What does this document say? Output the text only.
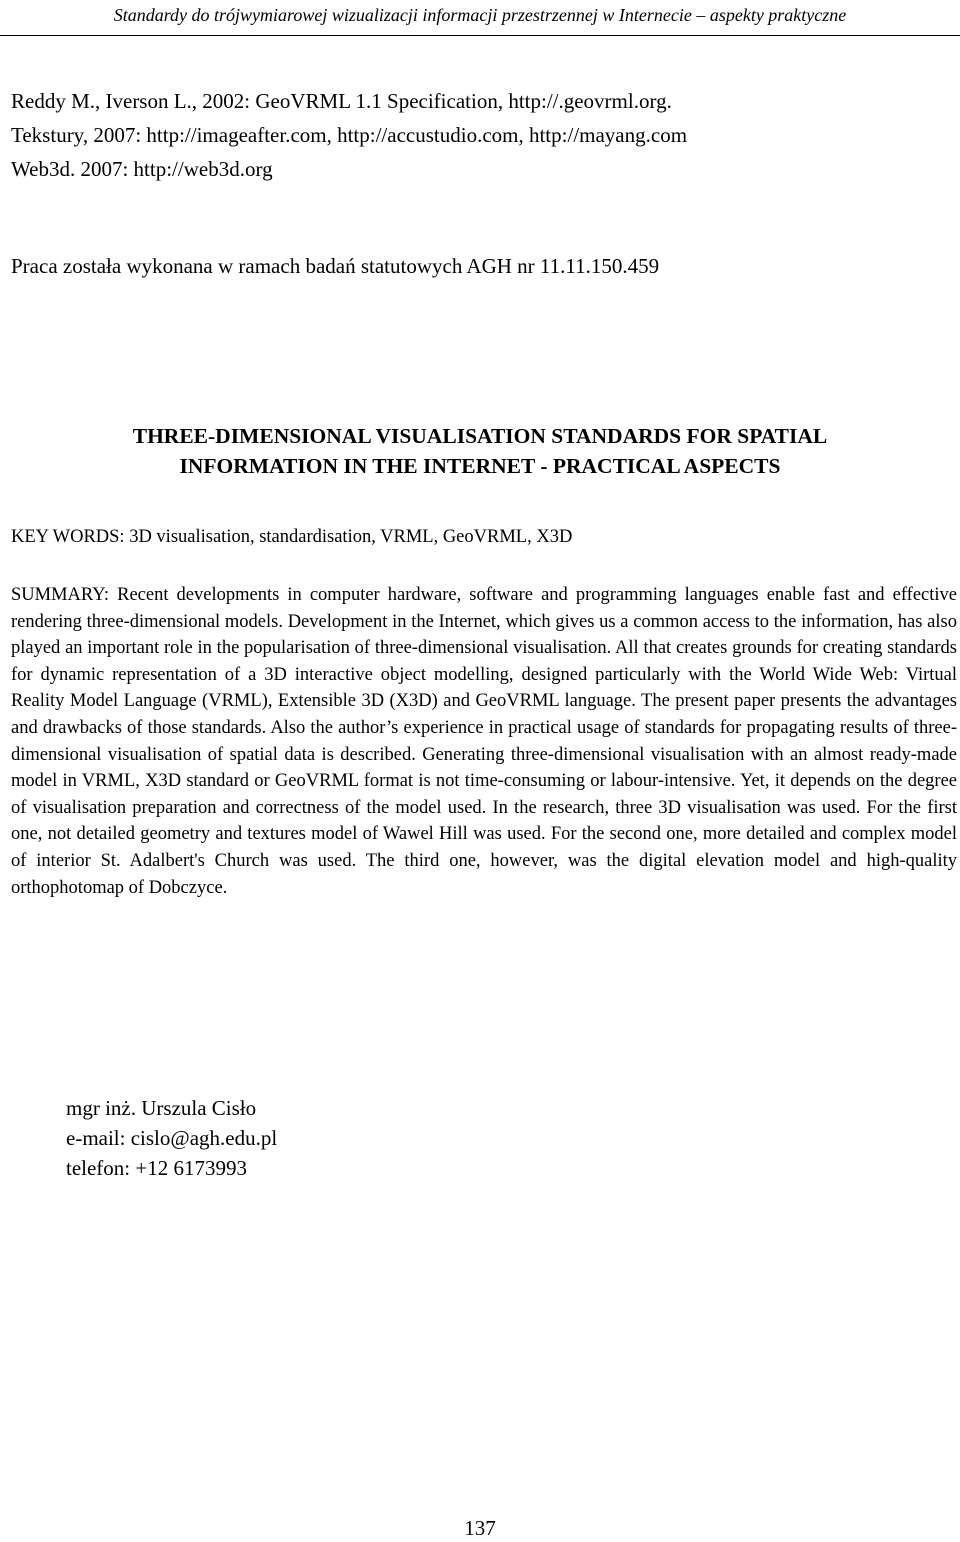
Standardy do trójwymiarowej wizualizacji informacji przestrzennej w Internecie – aspekty praktyczne
Reddy M., Iverson L., 2002: GeoVRML 1.1 Specification, http://.geovrml.org.
Tekstury, 2007: http://imageafter.com, http://accustudio.com, http://mayang.com
Web3d. 2007: http://web3d.org
Praca została wykonana w ramach badań statutowych AGH nr 11.11.150.459
THREE-DIMENSIONAL VISUALISATION STANDARDS FOR SPATIAL
INFORMATION IN THE INTERNET - PRACTICAL ASPECTS
KEY WORDS: 3D visualisation, standardisation, VRML, GeoVRML, X3D
SUMMARY: Recent developments in computer hardware, software and programming languages enable fast and effective rendering three-dimensional models. Development in the Internet, which gives us a common access to the information, has also played an important role in the popularisation of three-dimensional visualisation. All that creates grounds for creating standards for dynamic representation of a 3D interactive object modelling, designed particularly with the World Wide Web: Virtual Reality Model Language (VRML), Extensible 3D (X3D) and GeoVRML language. The present paper presents the advantages and drawbacks of those standards. Also the author’s experience in practical usage of standards for propagating results of three-dimensional visualisation of spatial data is described. Generating three-dimensional visualisation with an almost ready-made model in VRML, X3D standard or GeoVRML format is not time-consuming or labour-intensive. Yet, it depends on the degree of visualisation preparation and correctness of the model used. In the research, three 3D visualisation was used. For the first one, not detailed geometry and textures model of Wawel Hill was used. For the second one, more detailed and complex model of interior St. Adalbert's Church was used. The third one, however, was the digital elevation model and high-quality orthophotomap of Dobczyce.
mgr inż. Urszula Cisło
e-mail: cislo@agh.edu.pl
telefon: +12 6173993
137
